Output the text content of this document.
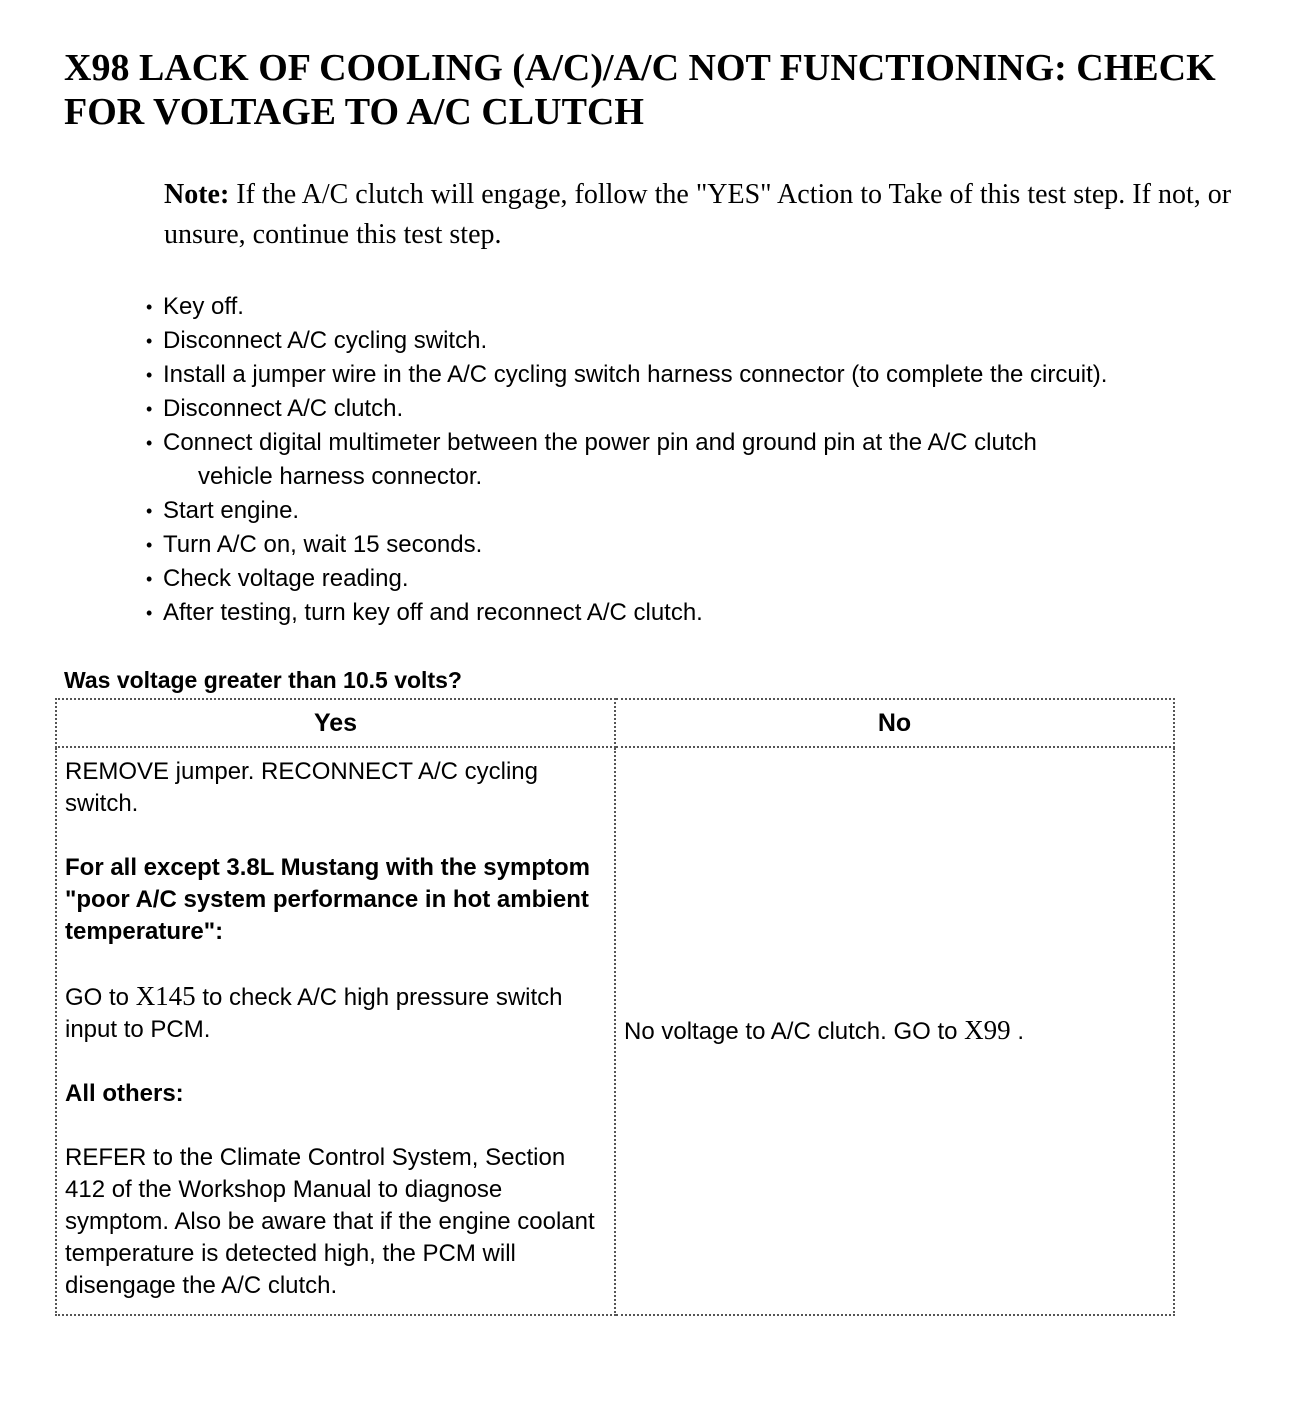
X98 LACK OF COOLING (A/C)/A/C NOT FUNCTIONING: CHECK FOR VOLTAGE TO A/C CLUTCH

Note: If the A/C clutch will engage, follow the "YES" Action to Take of this test step. If not, or unsure, continue this test step.

• Key off.
• Disconnect A/C cycling switch.
• Install a jumper wire in the A/C cycling switch harness connector (to complete the circuit).
• Disconnect A/C clutch.
• Connect digital multimeter between the power pin and ground pin at the A/C clutch
vehicle harness connector.
• Start engine.
• Turn A/C on, wait 15 seconds.
• Check voltage reading.
• After testing, turn key off and reconnect A/C clutch.

Was voltage greater than 10.5 volts?

Yes	No

REMOVE jumper. RECONNECT A/C cycling switch.

For all except 3.8L Mustang with the symptom "poor A/C system performance in hot ambient temperature":

GO to X145 to check A/C high pressure switch input to PCM.

All others:

REFER to the Climate Control System, Section 412 of the Workshop Manual to diagnose symptom. Also be aware that if the engine coolant temperature is detected high, the PCM will disengage the A/C clutch.	No voltage to A/C clutch. GO to X99 .
